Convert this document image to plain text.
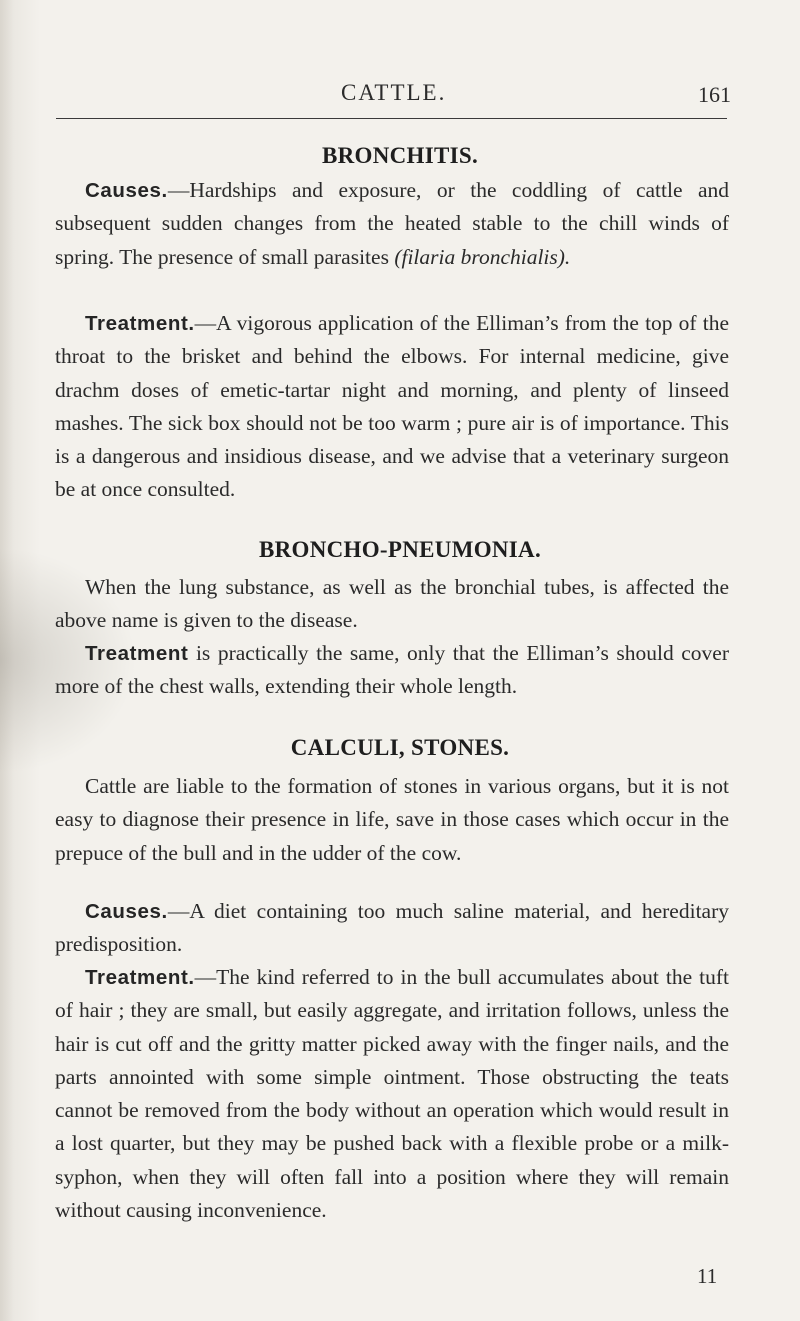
CATTLE.	161
BRONCHITIS.

Causes.—Hardships and exposure, or the coddling of cattle and subsequent sudden changes from the heated stable to the chill winds of spring. The presence of small parasites (filaria bronchialis).

Treatment.—A vigorous application of the Elliman’s from the top of the throat to the brisket and behind the elbows. For internal medicine, give drachm doses of emetic-tartar night and morning, and plenty of linseed mashes. The sick box should not be too warm ; pure air is of importance. This is a dangerous and insidious disease, and we advise that a veterinary surgeon be at once consulted.

BRONCHO-PNEUMONIA.

When the lung substance, as well as the bronchial tubes, is affected the above name is given to the disease.

Treatment is practically the same, only that the Elliman’s should cover more of the chest walls, extending their whole length.

CALCULI, STONES.

Cattle are liable to the formation of stones in various organs, but it is not easy to diagnose their presence in life, save in those cases which occur in the prepuce of the bull and in the udder of the cow.

Causes.—A diet containing too much saline material, and hereditary predisposition.

Treatment.—The kind referred to in the bull accumulates about the tuft of hair ; they are small, but easily aggregate, and irritation follows, unless the hair is cut off and the gritty matter picked away with the finger nails, and the parts annointed with some simple ointment. Those obstructing the teats cannot be removed from the body without an operation which would result in a lost quarter, but they may be pushed back with a flexible probe or a milk-syphon, when they will often fall into a position where they will remain without causing inconvenience.

11
